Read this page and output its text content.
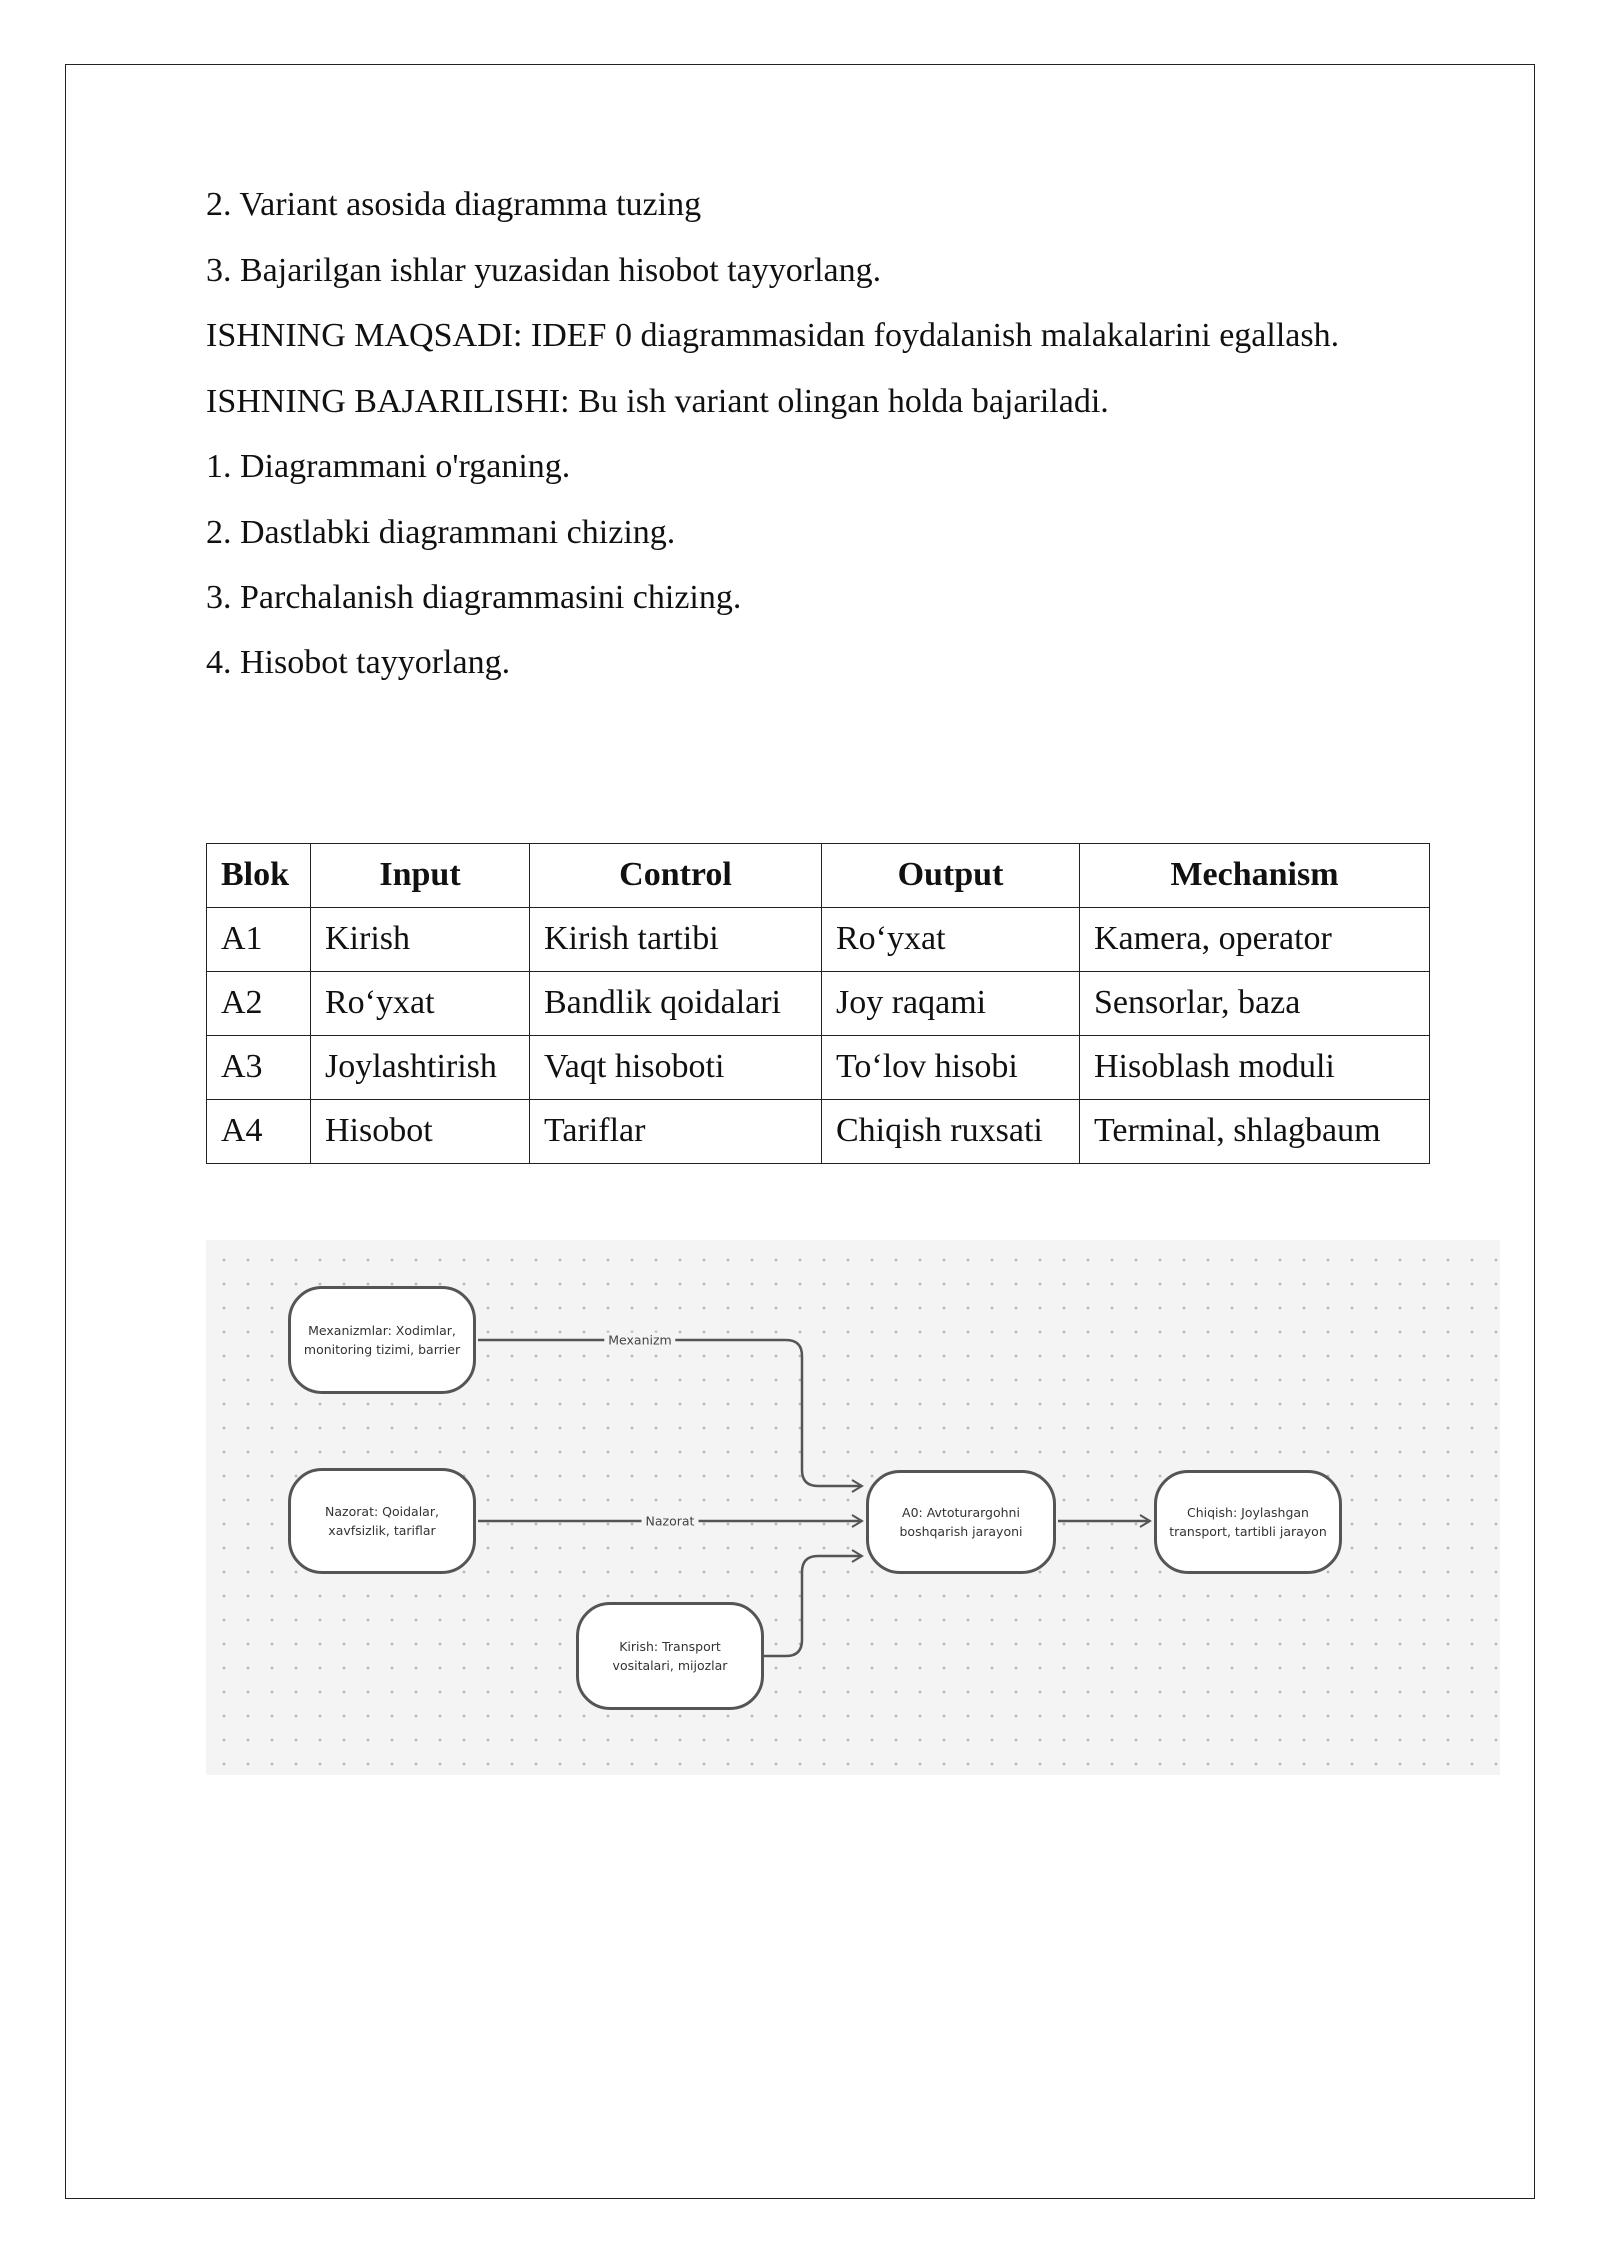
2. Variant asosida diagramma tuzing
3. Bajarilgan ishlar yuzasidan hisobot tayyorlang.
ISHNING MAQSADI: IDEF 0 diagrammasidan foydalanish malakalarini egallash.
ISHNING BAJARILISHI: Bu ish variant olingan holda bajariladi.
1. Diagrammani o'rganing.
2. Dastlabki diagrammani chizing.
3. Parchalanish diagrammasini chizing.
4. Hisobot tayyorlang.
Blok	Input	Control	Output	Mechanism
A1	Kirish	Kirish tartibi	Ro‘yxat	Kamera, operator
A2	Ro‘yxat	Bandlik qoidalari	Joy raqami	Sensorlar, baza
A3	Joylashtirish	Vaqt hisoboti	To‘lov hisobi	Hisoblash moduli
A4	Hisobot	Tariflar	Chiqish ruxsati	Terminal, shlagbaum
Mexanizm
Nazorat
Mexanizmlar: Xodimlar,
monitoring tizimi, barrier
Nazorat: Qoidalar,
xavfsizlik, tariflar
Kirish: Transport
vositalari, mijozlar
A0: Avtoturargohni
boshqarish jarayoni
Chiqish: Joylashgan
transport, tartibli jarayon
